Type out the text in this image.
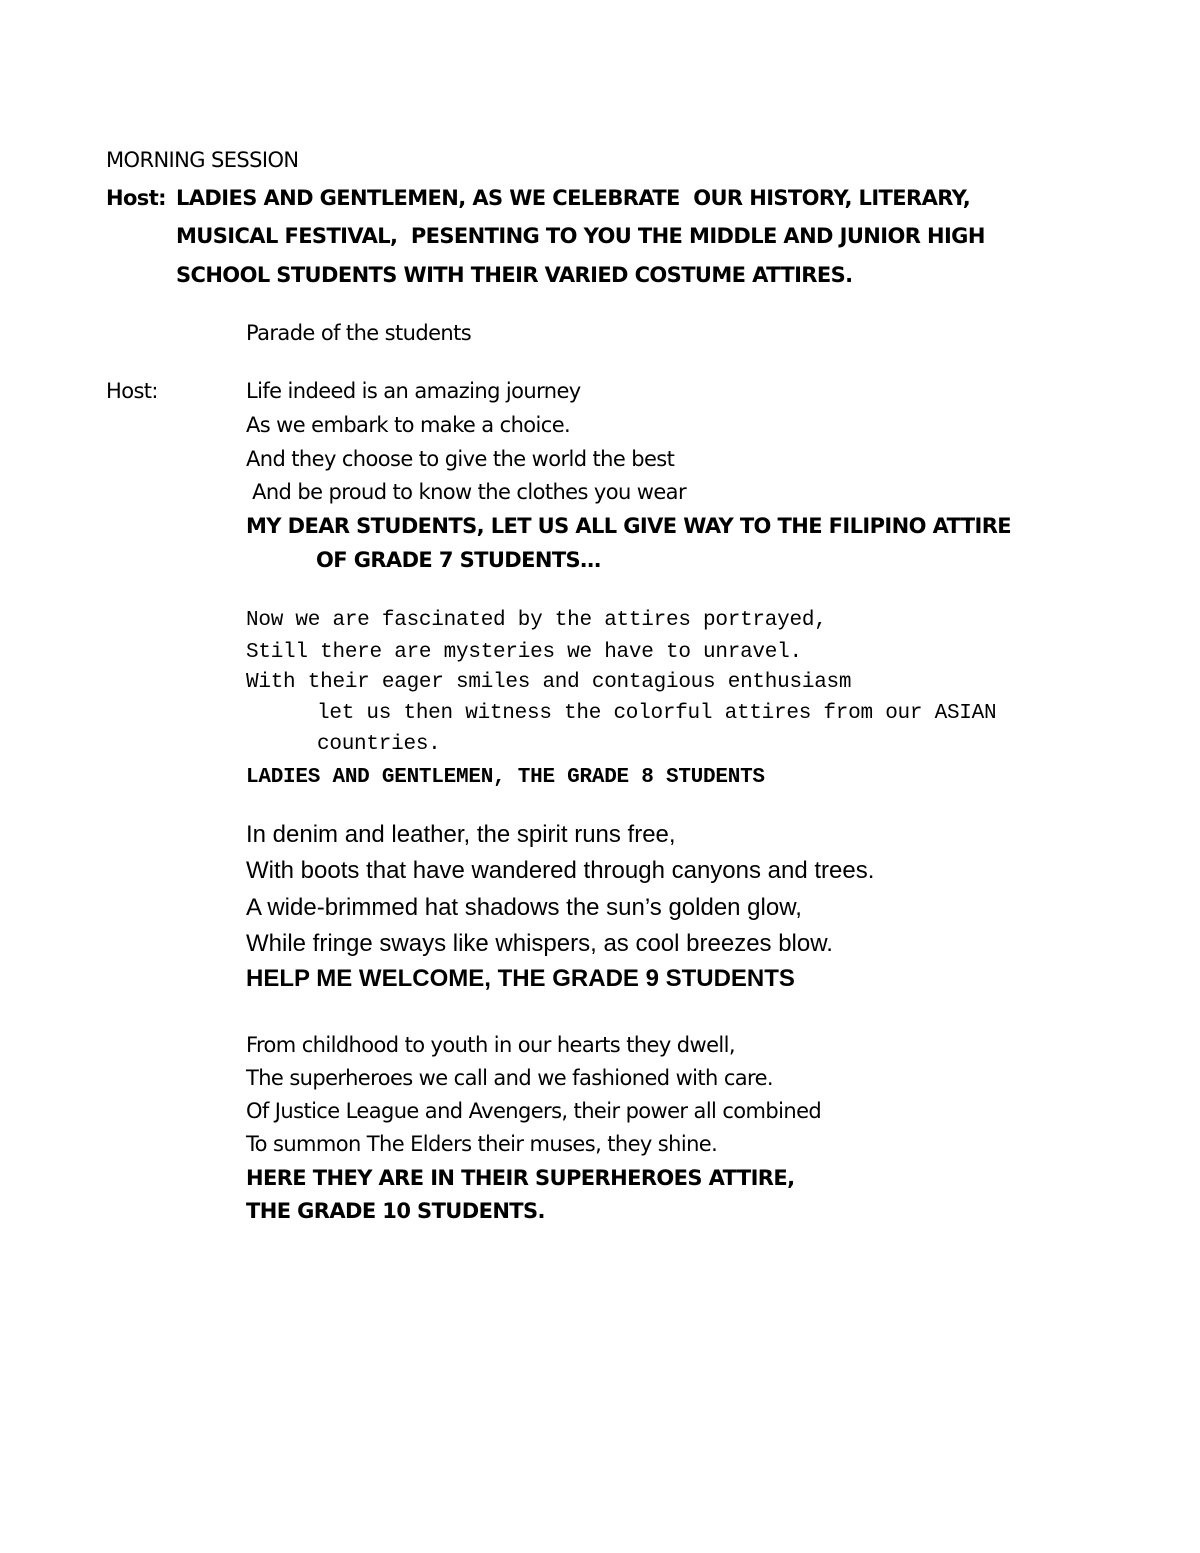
MORNING SESSION
Host: LADIES AND GENTLEMEN, AS WE CELEBRATE  OUR HISTORY, LITERARY,
MUSICAL FESTIVAL,  PESENTING TO YOU THE MIDDLE AND JUNIOR HIGH
SCHOOL STUDENTS WITH THEIR VARIED COSTUME ATTIRES.
Parade of the students
Host:	Life indeed is an amazing journey
As we embark to make a choice.
And they choose to give the world the best
And be proud to know the clothes you wear
MY DEAR STUDENTS, LET US ALL GIVE WAY TO THE FILIPINO ATTIRE
OF GRADE 7 STUDENTS…
Now we are fascinated by the attires portrayed,
Still there are mysteries we have to unravel.
With their eager smiles and contagious enthusiasm
let us then witness the colorful attires from our ASIAN
countries.
LADIES AND GENTLEMEN, THE GRADE 8 STUDENTS
In denim and leather, the spirit runs free,
With boots that have wandered through canyons and trees.
A wide-brimmed hat shadows the sun’s golden glow,
While fringe sways like whispers, as cool breezes blow.
HELP ME WELCOME, THE GRADE 9 STUDENTS
From childhood to youth in our hearts they dwell,
The superheroes we call and we fashioned with care.
Of Justice League and Avengers, their power all combined
To summon The Elders their muses, they shine.
HERE THEY ARE IN THEIR SUPERHEROES ATTIRE,
THE GRADE 10 STUDENTS.
